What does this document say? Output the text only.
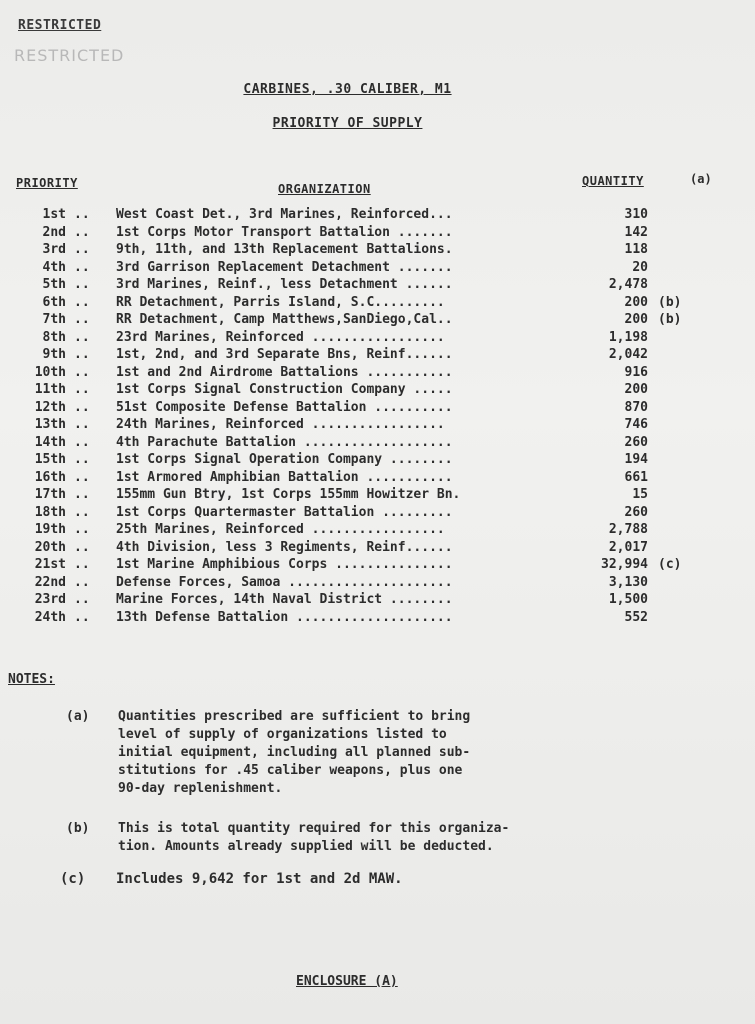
RESTRICTED
RESTRICTED
CARBINES, .30 CALIBER, M1
PRIORITY OF SUPPLY
PRIORITY	ORGANIZATION
QUANTITY	(a)
1st .. West Coast Det., 3rd Marines, Reinforced...	310
2nd .. 1st Corps Motor Transport Battalion .......	142
3rd .. 9th, 11th, and 13th Replacement Battalions.	118
4th .. 3rd Garrison Replacement Detachment .......	20
5th .. 3rd Marines, Reinf., less Detachment ......	2,478
6th .. RR Detachment, Parris Island, S.C.........	200 (b)
7th .. RR Detachment, Camp Matthews,SanDiego,Cal..	200 (b)
8th .. 23rd Marines, Reinforced .................	1,198
9th .. 1st, 2nd, and 3rd Separate Bns, Reinf......	2,042
10th .. 1st and 2nd Airdrome Battalions ...........	916
11th .. 1st Corps Signal Construction Company .....	200
12th .. 51st Composite Defense Battalion ..........	870
13th .. 24th Marines, Reinforced .................	746
14th .. 4th Parachute Battalion ...................	260
15th .. 1st Corps Signal Operation Company ........	194
16th .. 1st Armored Amphibian Battalion ...........	661
17th .. 155mm Gun Btry, 1st Corps 155mm Howitzer Bn.	15
18th .. 1st Corps Quartermaster Battalion .........	260
19th .. 25th Marines, Reinforced .................	2,788
20th .. 4th Division, less 3 Regiments, Reinf......	2,017
21st .. 1st Marine Amphibious Corps ...............	32,994 (c)
22nd .. Defense Forces, Samoa .....................	3,130
23rd .. Marine Forces, 14th Naval District ........	1,500
24th .. 13th Defense Battalion ....................	552
NOTES:
(a) Quantities prescribed are sufficient to bring
level of supply of organizations listed to
initial equipment, including all planned sub-
stitutions for .45 caliber weapons, plus one
90-day replenishment.
(b) This is total quantity required for this organiza-
tion. Amounts already supplied will be deducted.
(c) Includes 9,642 for 1st and 2d MAW.
ENCLOSURE (A)
